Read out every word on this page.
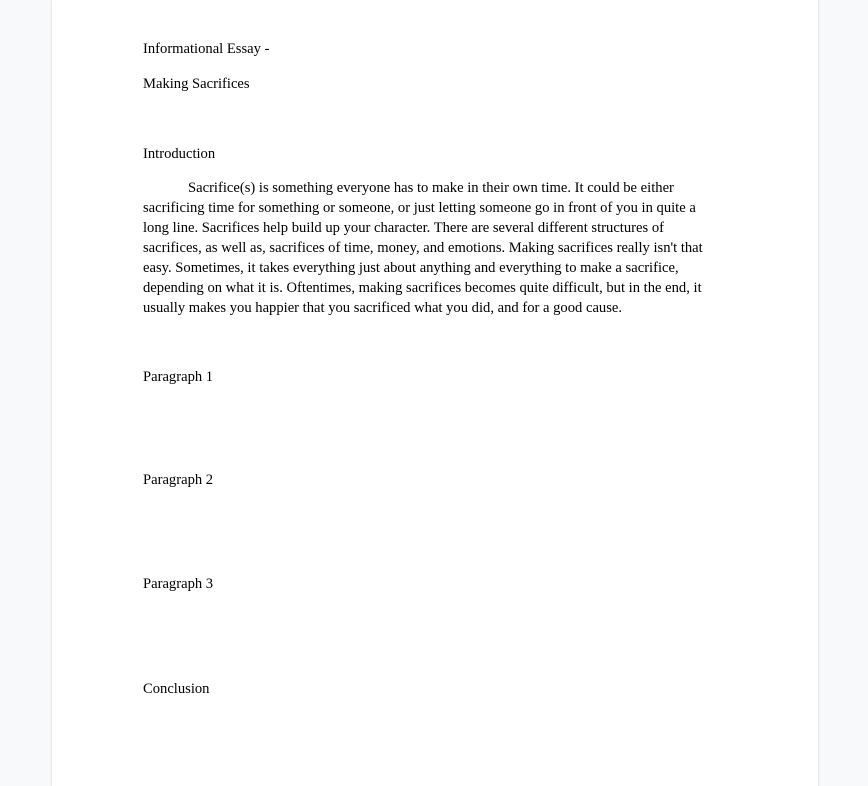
Informational Essay -
Making Sacrifices
Introduction

Sacrifice(s) is something everyone has to make in their own time. It could be either sacrificing time for something or someone, or just letting someone go in front of you in quite a long line. Sacrifices help build up your character. There are several different structures of sacrifices, as well as, sacrifices of time, money, and emotions. Making sacrifices really isn't that easy. Sometimes, it takes everything just about anything and everything to make a sacrifice, depending on what it is. Oftentimes, making sacrifices becomes quite difficult, but in the end, it usually makes you happier that you sacrificed what you did, and for a good cause.

Paragraph 1
Paragraph 2
Paragraph 3
Conclusion
